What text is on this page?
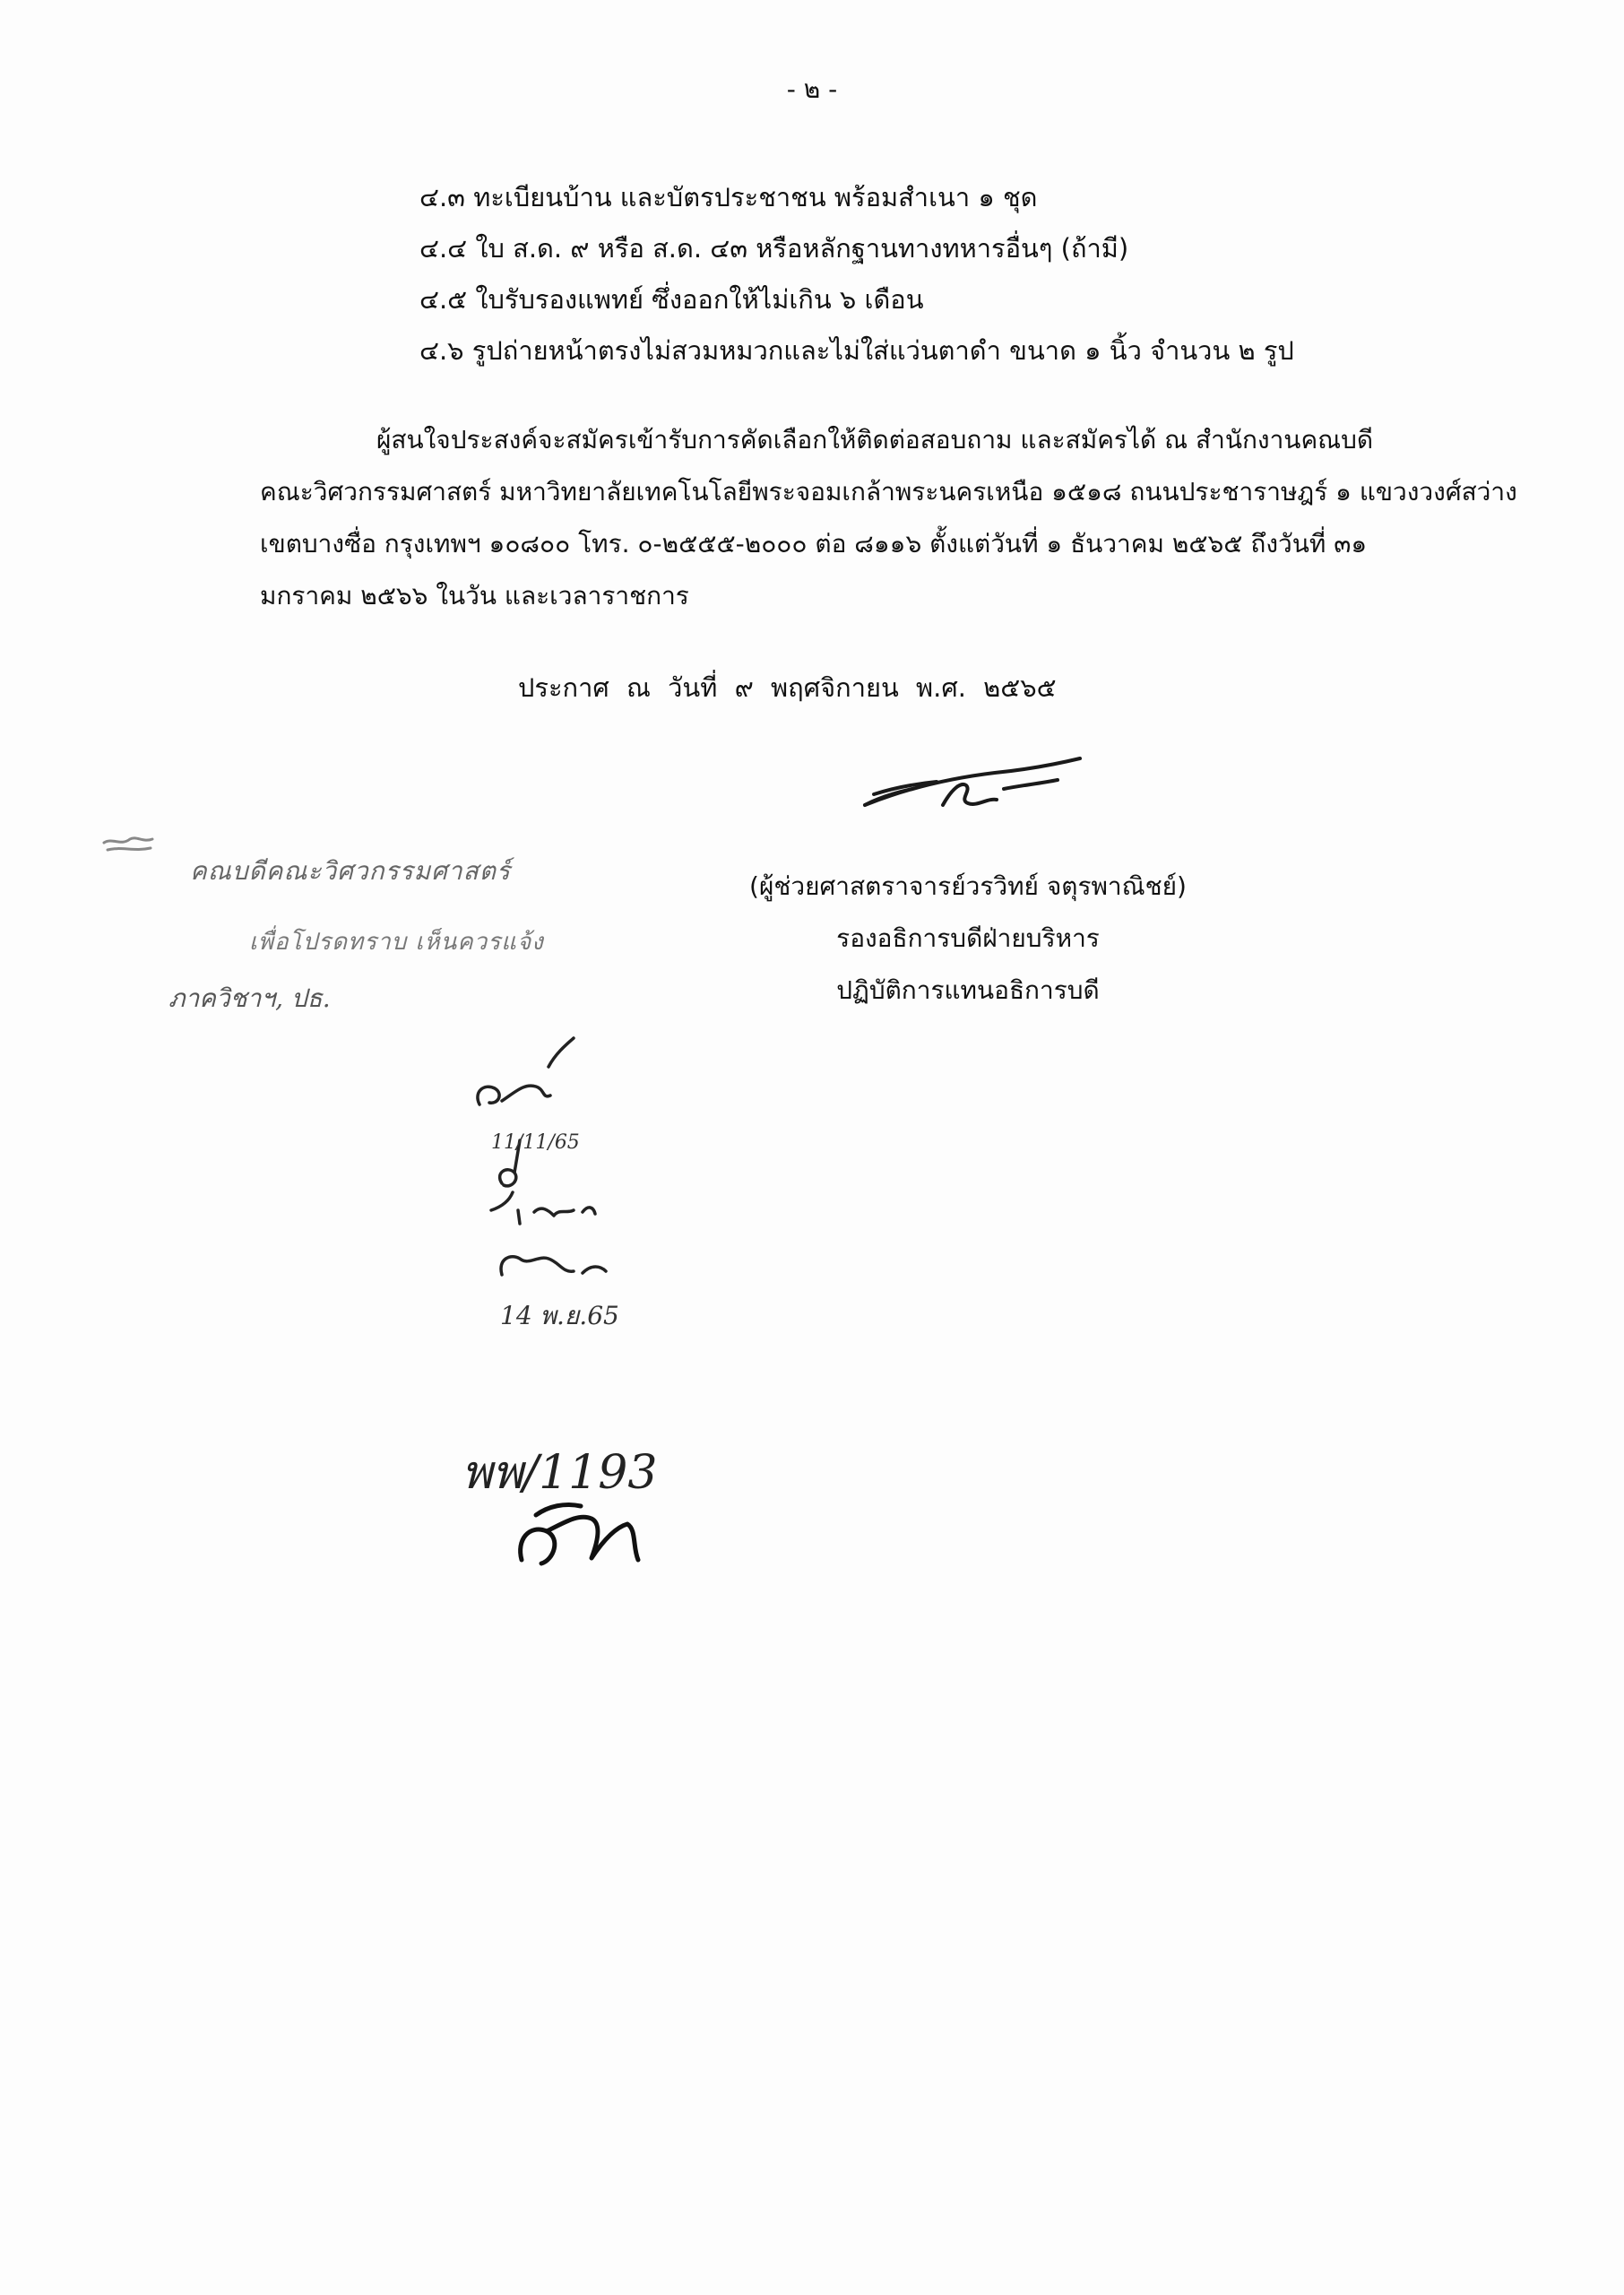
- ๒ -
๔.๓ ทะเบียนบ้าน และบัตรประชาชน พร้อมสำเนา ๑ ชุด
๔.๔ ใบ ส.ด. ๙ หรือ ส.ด. ๔๓ หรือหลักฐานทางทหารอื่นๆ (ถ้ามี)
๔.๕ ใบรับรองแพทย์ ซึ่งออกให้ไม่เกิน ๖ เดือน
๔.๖ รูปถ่ายหน้าตรงไม่สวมหมวกและไม่ใส่แว่นตาดำ ขนาด ๑ นิ้ว จำนวน ๒ รูป
ผู้สนใจประสงค์จะสมัครเข้ารับการคัดเลือกให้ติดต่อสอบถาม และสมัครได้ ณ สำนักงานคณบดี
คณะวิศวกรรมศาสตร์ มหาวิทยาลัยเทคโนโลยีพระจอมเกล้าพระนครเหนือ ๑๕๑๘ ถนนประชาราษฎร์ ๑ แขวงวงศ์สว่าง
เขตบางซื่อ กรุงเทพฯ ๑๐๘๐๐ โทร. ๐-๒๕๕๕-๒๐๐๐ ต่อ ๘๑๑๖ ตั้งแต่วันที่ ๑ ธันวาคม ๒๕๖๕ ถึงวันที่ ๓๑
มกราคม ๒๕๖๖ ในวัน และเวลาราชการ
ประกาศ ณ วันที่ ๙ พฤศจิกายน พ.ศ. ๒๕๖๕
(ผู้ช่วยศาสตราจารย์วรวิทย์ จตุรพาณิชย์)
รองอธิการบดีฝ่ายบริหาร
ปฏิบัติการแทนอธิการบดี
คณบดีคณะวิศวกรรมศาสตร์
เพื่อโปรดทราบ เห็นควรแจ้ง
ภาควิชาฯ, ปธ.
11/11/65
14 พ.ย.65
พพ/1193
